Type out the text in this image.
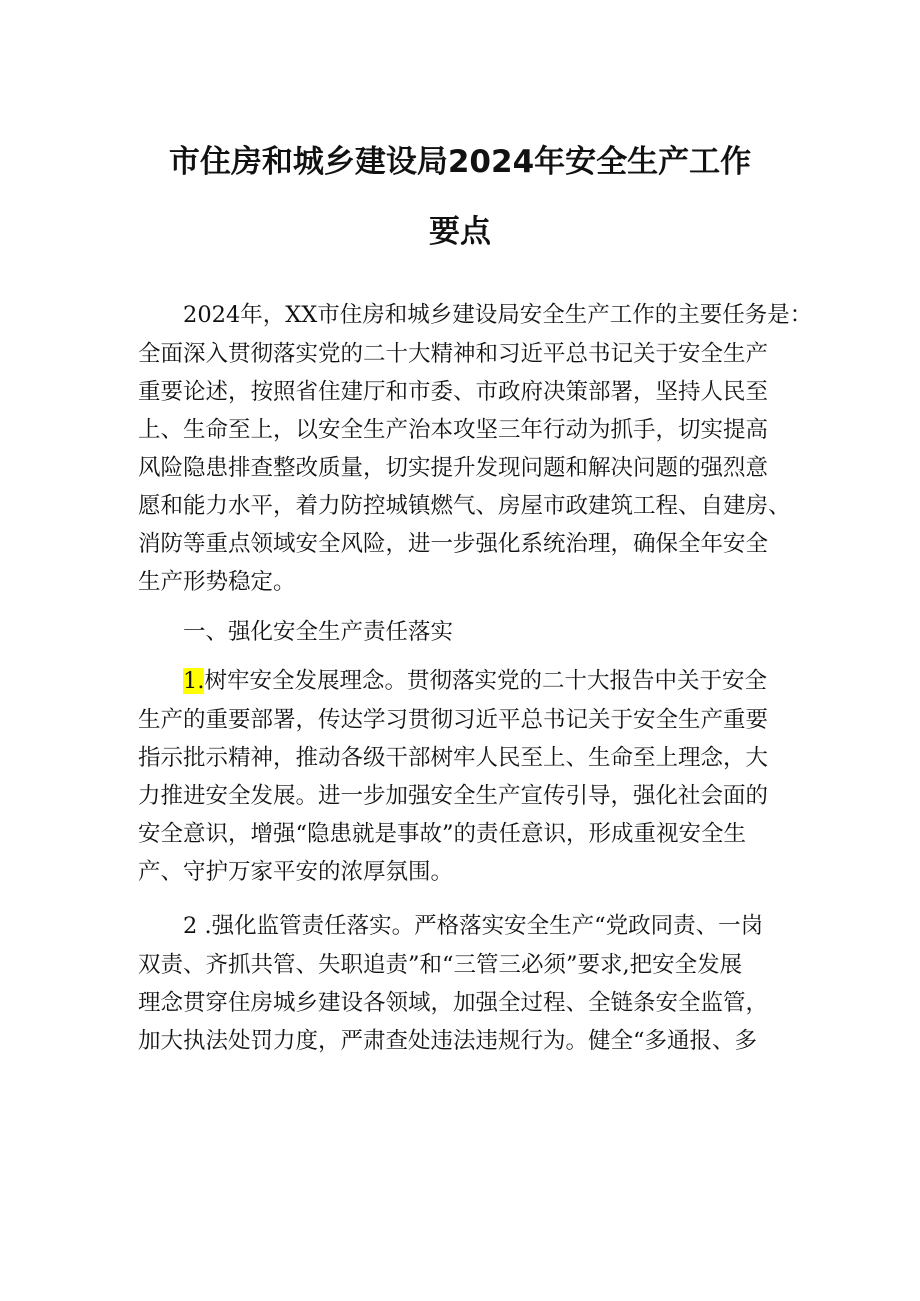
市住房和城乡建设局2024年安全生产工作
要点
2024年，XX市住房和城乡建设局安全生产工作的主要任务是：
全面深入贯彻落实党的二十大精神和习近平总书记关于安全生产
重要论述，按照省住建厅和市委、市政府决策部署，坚持人民至
上、生命至上，以安全生产治本攻坚三年行动为抓手，切实提高
风险隐患排查整改质量，切实提升发现问题和解决问题的强烈意
愿和能力水平，着力防控城镇燃气、房屋市政建筑工程、自建房、
消防等重点领域安全风险，进一步强化系统治理，确保全年安全
生产形势稳定。
一、强化安全生产责任落实
1.树牢安全发展理念。贯彻落实党的二十大报告中关于安全
生产的重要部署，传达学习贯彻习近平总书记关于安全生产重要
指示批示精神，推动各级干部树牢人民至上、生命至上理念，大
力推进安全发展。进一步加强安全生产宣传引导，强化社会面的
安全意识，增强“隐患就是事故”的责任意识，形成重视安全生
产、守护万家平安的浓厚氛围。
2 .强化监管责任落实。严格落实安全生产“党政同责、一岗
双责、齐抓共管、失职追责”和“三管三必须”要求,把安全发展
理念贯穿住房城乡建设各领域，加强全过程、全链条安全监管，
加大执法处罚力度，严肃查处违法违规行为。健全“多通报、多
